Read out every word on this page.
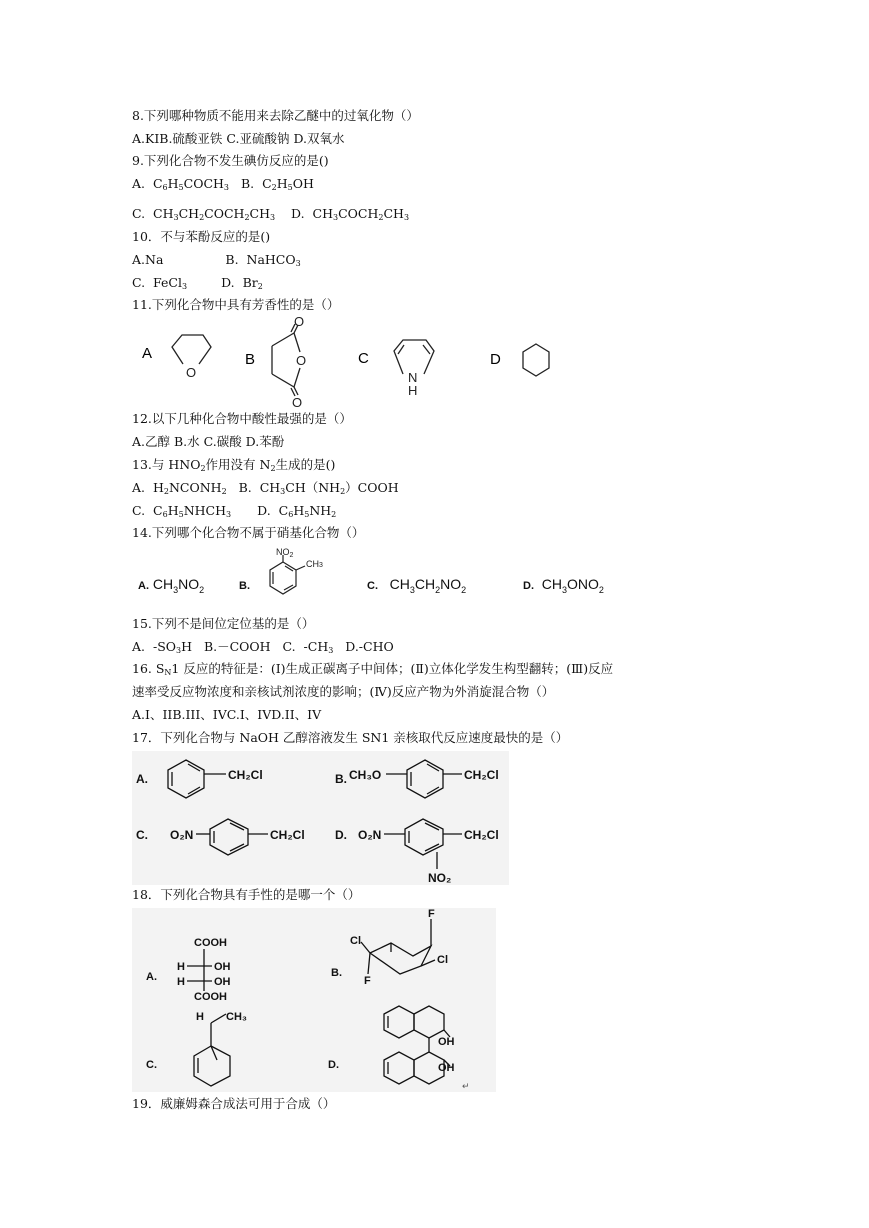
8.下列哪种物质不能用来去除乙醚中的过氧化物（）
A.KIB.硫酸亚铁 C.亚硫酸钠 D.双氧水
9.下列化合物不发生碘仿反应的是()
A. $C_6H_5COCH_3$ B. $C_2H_5OH$
C. $CH_3CH_2COCH_2CH_3$ D. $CH_3COCH_2CH_3$
10．不与苯酚反应的是()
A.Na	B. NaHCO$_3$
C. FeCl$_3$	D. $Br_2$
11.下列化合物中具有芳香性的是（）
A	B	C	D
O
O
O
O
N
H
12.以下几种化合物中酸性最强的是（）
A.乙醇 B.水 C.碳酸 D.苯酚
13.与 $HNO_2$作用没有 $N_2$生成的是()
A. $H_2NCONH_2$ B. $CH_3CH(NH_2)COOH$
C. $C_6H_5NHCH_3$ D. $C_6H_5NH_2$
14.下列哪个化合物不属于硝基化合物（）
A. $CH_3NO_2$	B.
$NO_2$
CH3
C. $CH_3CH_2NO_2$	D. $CH_3ONO_2$
15.下列不是间位定位基的是（）
A. $-SO_3H$ B.－COOH C. $-CH_3$ D.-CHO
16. $S_N1$ 反应的特征是：(Ⅰ)生成正碳离子中间体；(Ⅱ)立体化学发生构型翻转；(Ⅲ)反应
速率受反应物浓度和亲核试剂浓度的影响；(Ⅳ)反应产物为外消旋混合物（）
A.I、IIB.III、IVC.I、IVD.II、IV
17．下列化合物与 NaOH 乙醇溶液发生 SN1 亲核取代反应速度最快的是（）
A.	B.
C.	D.
CH₂Cl	CH₃O	CH₂Cl
O₂N	CH₂Cl	O₂N	CH₂Cl
NO₂
18．下列化合物具有手性的是哪一个（）
A.	B.
C.	D.
COOH
H	OH
H	OH
COOH
F
Cl
Cl
F
H CH₃
OH
OH
↵
19．威廉姆森合成法可用于合成（）
